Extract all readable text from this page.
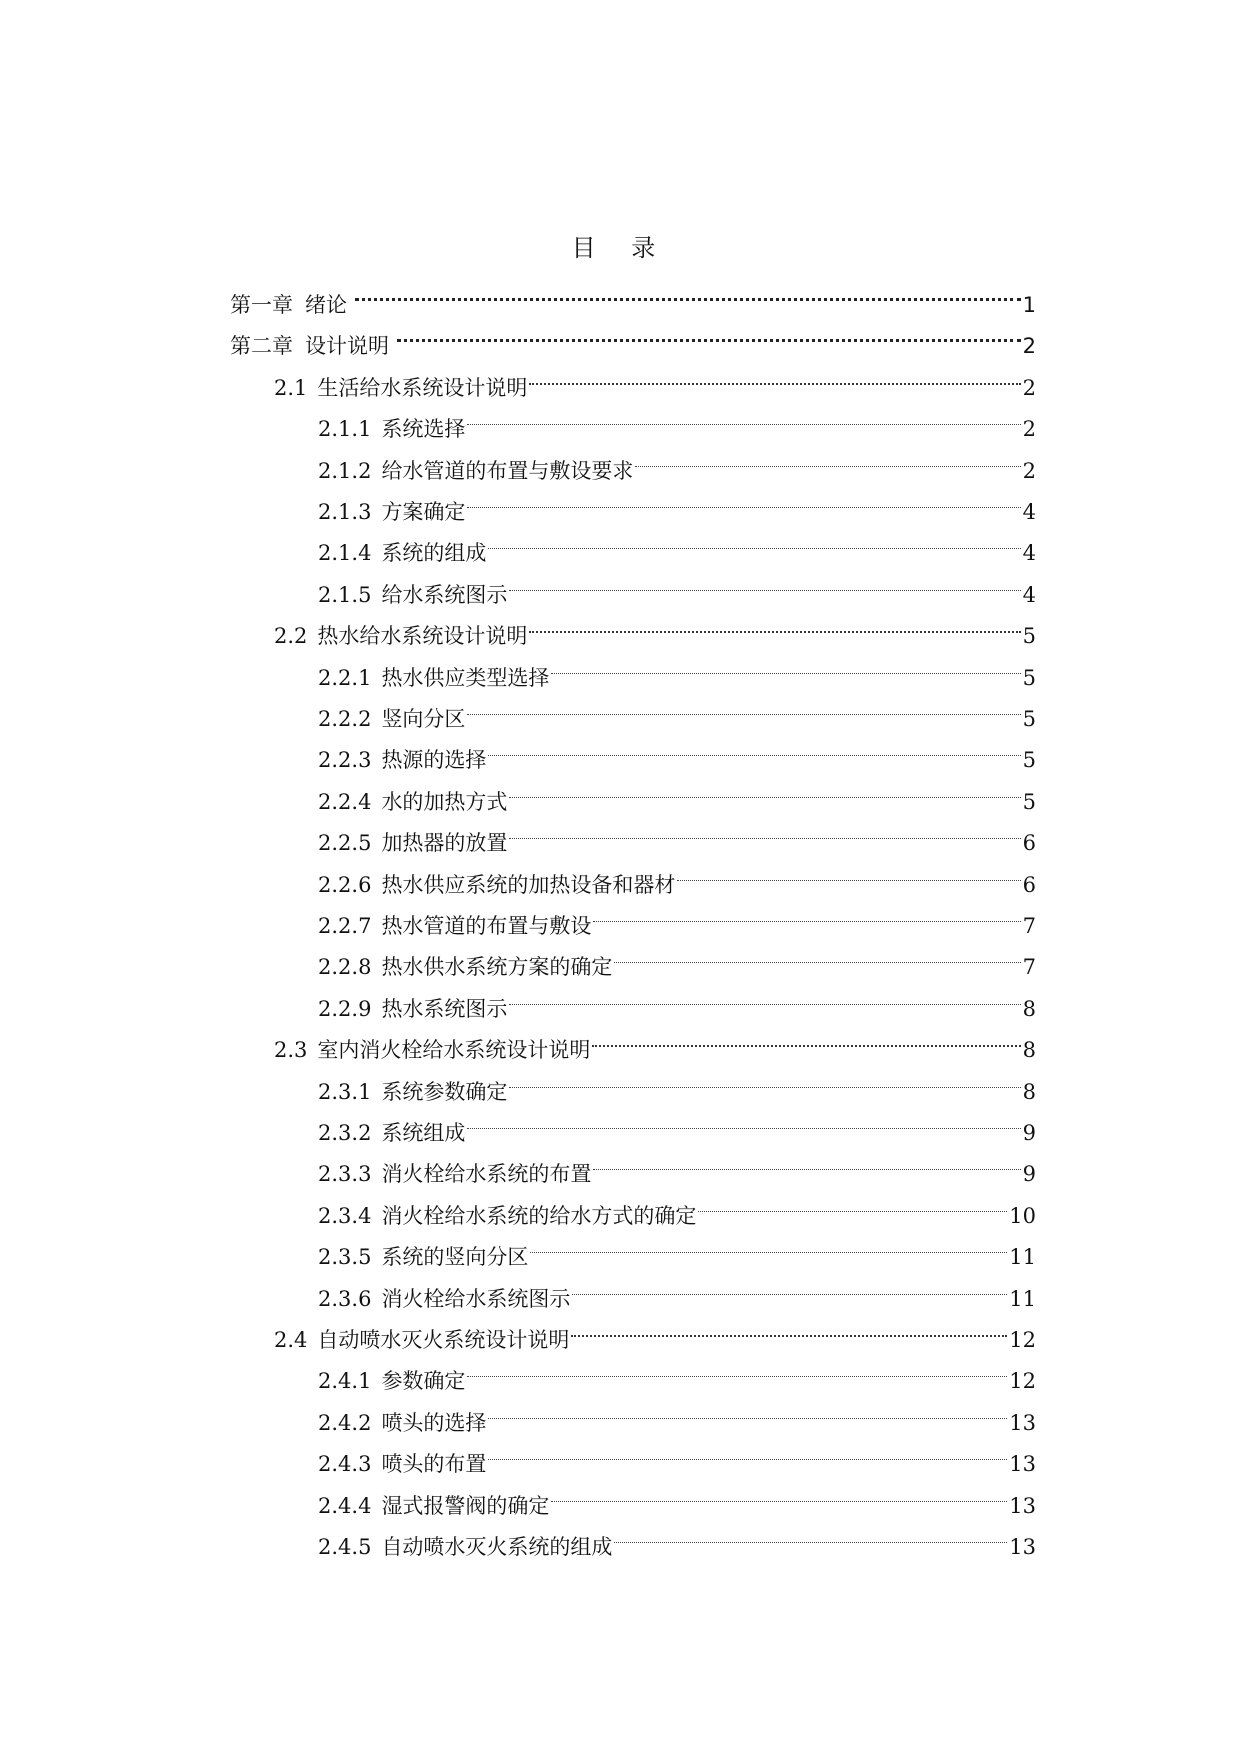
目 录
第一章 绪论	1
第二章 设计说明	2
2.1 生活给水系统设计说明	2
2.1.1 系统选择	2
2.1.2 给水管道的布置与敷设要求	2
2.1.3 方案确定	4
2.1.4 系统的组成	4
2.1.5 给水系统图示	4
2.2 热水给水系统设计说明	5
2.2.1 热水供应类型选择	5
2.2.2 竖向分区	5
2.2.3 热源的选择	5
2.2.4 水的加热方式	5
2.2.5 加热器的放置	6
2.2.6 热水供应系统的加热设备和器材	6
2.2.7 热水管道的布置与敷设	7
2.2.8 热水供水系统方案的确定	7
2.2.9 热水系统图示	8
2.3 室内消火栓给水系统设计说明	8
2.3.1 系统参数确定	8
2.3.2 系统组成	9
2.3.3 消火栓给水系统的布置	9
2.3.4 消火栓给水系统的给水方式的确定	10
2.3.5 系统的竖向分区	11
2.3.6 消火栓给水系统图示	11
2.4 自动喷水灭火系统设计说明	12
2.4.1 参数确定	12
2.4.2 喷头的选择	13
2.4.3 喷头的布置	13
2.4.4 湿式报警阀的确定	13
2.4.5 自动喷水灭火系统的组成	13
